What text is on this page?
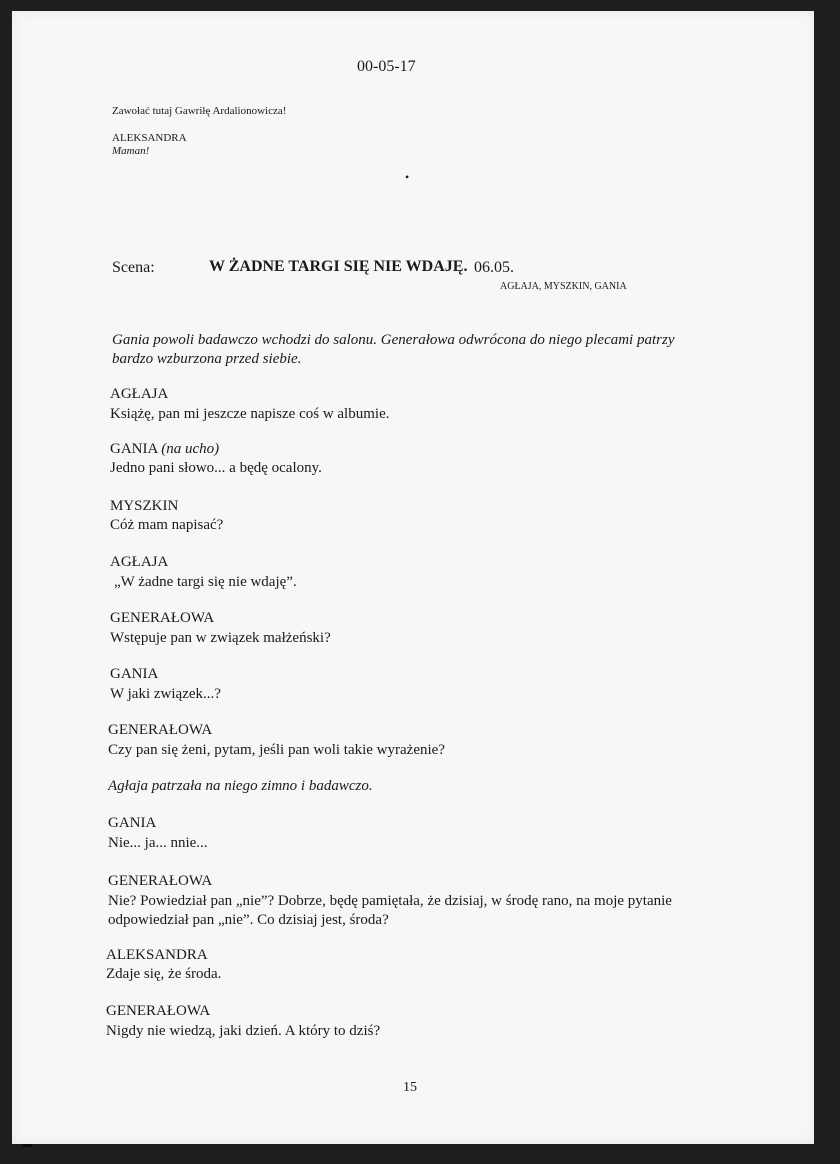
00-05-17
Zawołać tutaj Gawriłę Ardalionowicza!
ALEKSANDRA
Maman!
•
Scena:	W ŻADNE TARGI SIĘ NIE WDAJĘ. 06.05.
AGŁAJA, MYSZKIN, GANIA
Gania powoli badawczo wchodzi do salonu. Generałowa odwrócona do niego plecami patrzy
bardzo wzburzona przed siebie.
AGŁAJA
Książę, pan mi jeszcze napisze coś w albumie.
GANIA (na ucho)
Jedno pani słowo... a będę ocalony.
MYSZKIN
Cóż mam napisać?
AGŁAJA
„W żadne targi się nie wdaję”.
GENERAŁOWA
Wstępuje pan w związek małżeński?
GANIA
W jaki związek...?
GENERAŁOWA
Czy pan się żeni, pytam, jeśli pan woli takie wyrażenie?
Agłaja patrzała na niego zimno i badawczo.
GANIA
Nie... ja... nnie...
GENERAŁOWA
Nie? Powiedział pan „nie”? Dobrze, będę pamiętała, że dzisiaj, w środę rano, na moje pytanie
odpowiedział pan „nie”. Co dzisiaj jest, środa?
ALEKSANDRA
Zdaje się, że środa.
GENERAŁOWA
Nigdy nie wiedzą, jaki dzień. A który to dziś?
15
